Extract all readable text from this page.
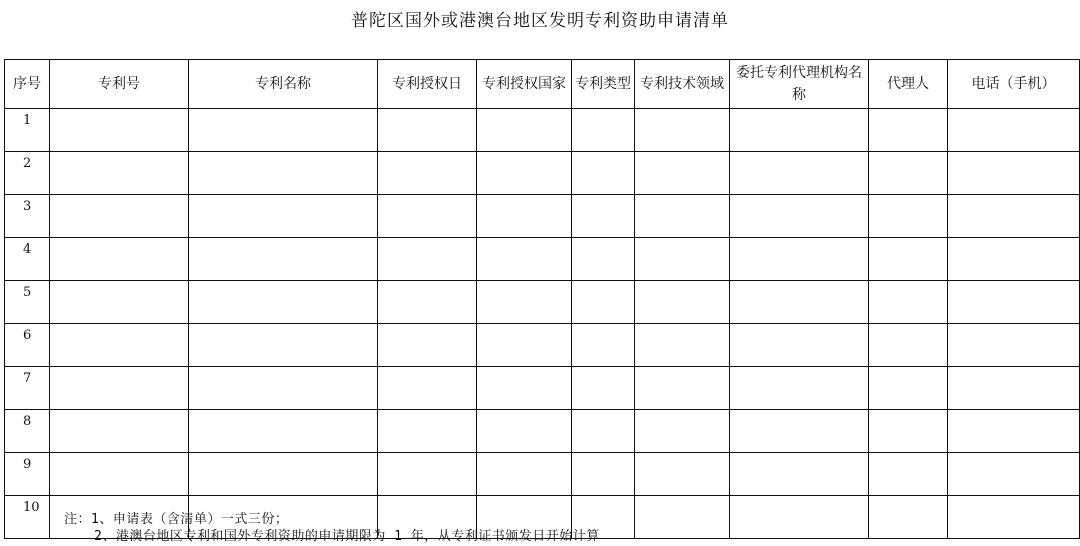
普陀区国外或港澳台地区发明专利资助申请清单
序号	专利号	专利名称	专利授权日	专利授权国家	专利类型	专利技术领域	委托专利代理机构名称	代理人	电话（手机）
1									
2									
3									
4									
5									
6									
7									
8									
9									
10									
注：1、申请表（含清单）一式三份；
2、港澳台地区专利和国外专利资助的申请期限为 1 年，从专利证书颁发日开始计算
